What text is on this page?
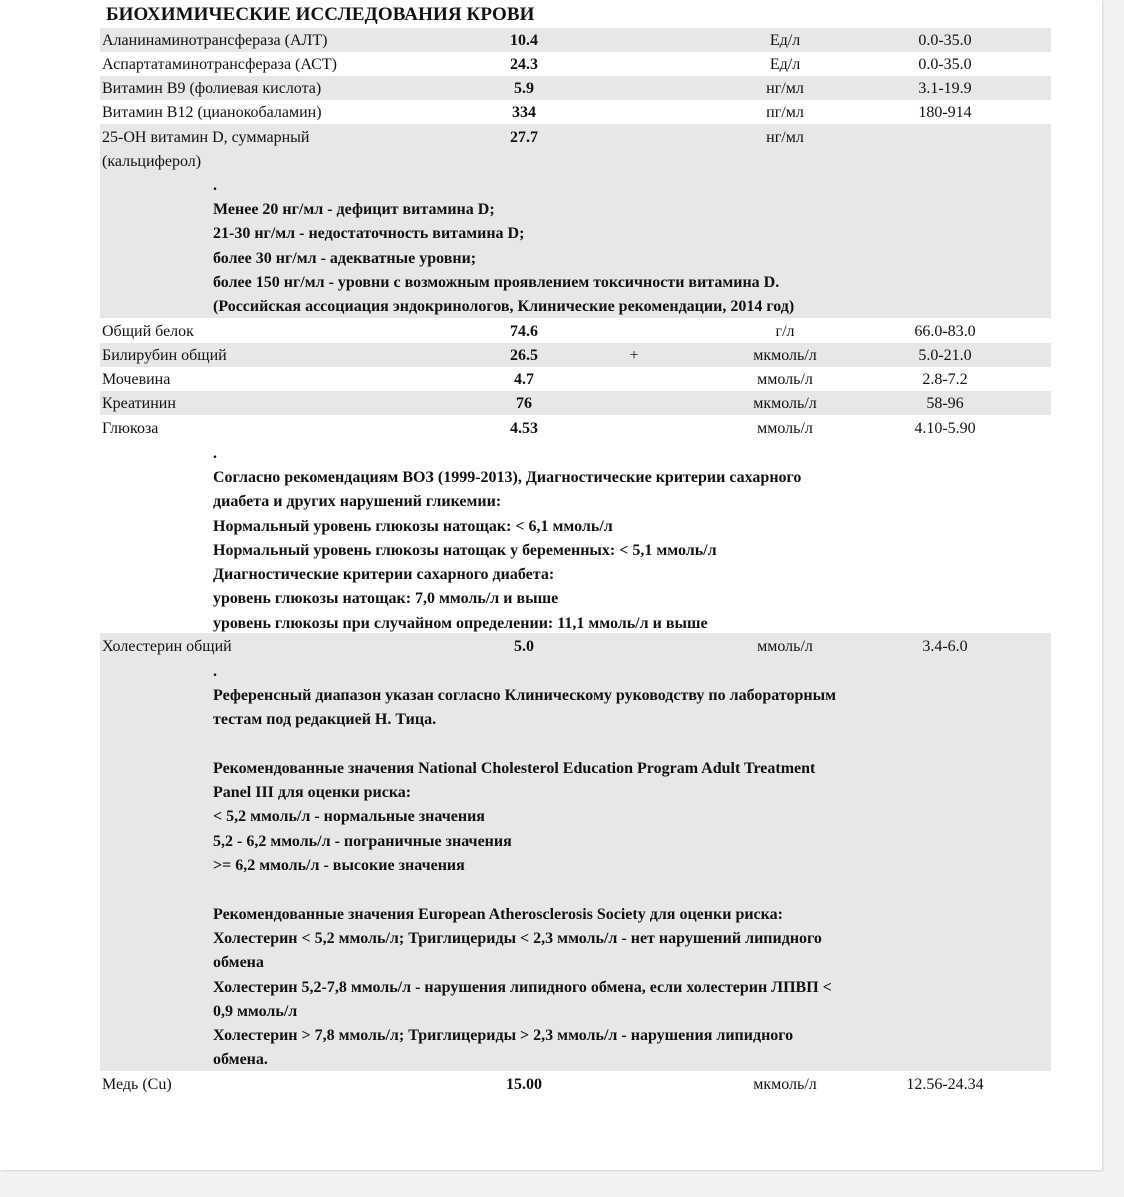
БИОХИМИЧЕСКИЕ ИССЛЕДОВАНИЯ КРОВИ
Аланинаминотрансфераза (АЛТ)	10.4	Ед/л	0.0-35.0
Аспартатаминотрансфераза (АСТ)	24.3	Ед/л	0.0-35.0
Витамин B9 (фолиевая кислота)	5.9	нг/мл	3.1-19.9
Витамин B12 (цианокобаламин)	334	пг/мл	180-914
25-OH витамин D, суммарный	27.7	нг/мл
(кальциферол)
.
Менее 20 нг/мл - дефицит витамина D;
21-30 нг/мл - недостаточность витамина D;
более 30 нг/мл - адекватные уровни;
более 150 нг/мл - уровни с возможным проявлением токсичности витамина D.
(Российская ассоциация эндокринологов, Клинические рекомендации, 2014 год)
Общий белок	74.6	г/л	66.0-83.0
Билирубин общий	26.5	+	мкмоль/л	5.0-21.0
Мочевина	4.7	ммоль/л	2.8-7.2
Креатинин	76	мкмоль/л	58-96
Глюкоза	4.53	ммоль/л	4.10-5.90
.
Согласно рекомендациям ВОЗ (1999-2013), Диагностические критерии сахарного
диабета и других нарушений гликемии:
Нормальный уровень глюкозы натощак: < 6,1 ммоль/л
Нормальный уровень глюкозы натощак у беременных: < 5,1 ммоль/л
Диагностические критерии сахарного диабета:
уровень глюкозы натощак: 7,0 ммоль/л и выше
уровень глюкозы при случайном определении: 11,1 ммоль/л и выше
Холестерин общий	5.0	ммоль/л	3.4-6.0
.
Референсный диапазон указан согласно Клиническому руководству по лабораторным
тестам под редакцией Н. Тица.
Рекомендованные значения National Cholesterol Education Program Adult Treatment
Panel III для оценки риска:
< 5,2 ммоль/л - нормальные значения
5,2 - 6,2 ммоль/л - пограничные значения
>= 6,2 ммоль/л - высокие значения
Рекомендованные значения European Atherosclerosis Society для оценки риска:
Холестерин < 5,2 ммоль/л; Триглицериды < 2,3 ммоль/л - нет нарушений липидного
обмена
Холестерин 5,2-7,8 ммоль/л - нарушения липидного обмена, если холестерин ЛПВП <
0,9 ммоль/л
Холестерин > 7,8 ммоль/л; Триглицериды > 2,3 ммоль/л - нарушения липидного
обмена.
Медь (Cu)	15.00	мкмоль/л	12.56-24.34
